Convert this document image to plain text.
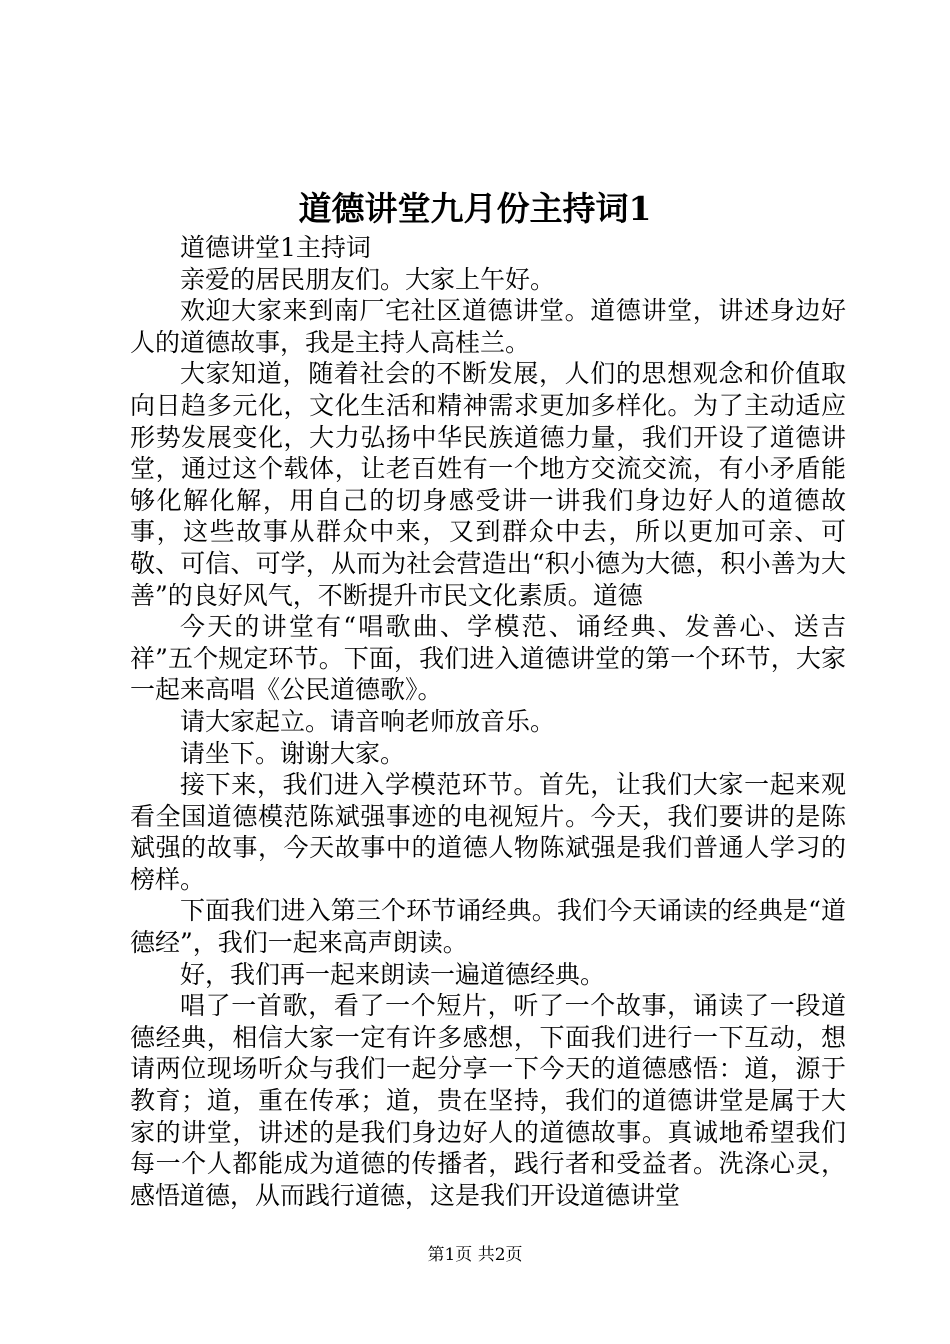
道德讲堂九月份主持词1

道德讲堂1主持词

亲爱的居民朋友们。大家上午好。

欢迎大家来到南厂宅社区道德讲堂。道德讲堂，讲述身边好人的道德故事，我是主持人高桂兰。

大家知道，随着社会的不断发展，人们的思想观念和价值取向日趋多元化，文化生活和精神需求更加多样化。为了主动适应形势发展变化，大力弘扬中华民族道德力量，我们开设了道德讲堂，通过这个载体，让老百姓有一个地方交流交流，有小矛盾能够化解化解，用自己的切身感受讲一讲我们身边好人的道德故事，这些故事从群众中来，又到群众中去，所以更加可亲、可敬、可信、可学，从而为社会营造出“积小德为大德，积小善为大善”的良好风气，不断提升市民文化素质。道德

今天的讲堂有“唱歌曲、学模范、诵经典、发善心、送吉祥”五个规定环节。下面，我们进入道德讲堂的第一个环节，大家一起来高唱《公民道德歌》。

请大家起立。请音响老师放音乐。

请坐下。谢谢大家。

接下来，我们进入学模范环节。首先，让我们大家一起来观看全国道德模范陈斌强事迹的电视短片。今天，我们要讲的是陈斌强的故事，今天故事中的道德人物陈斌强是我们普通人学习的榜样。

下面我们进入第三个环节诵经典。我们今天诵读的经典是“道德经”，我们一起来高声朗读。

好，我们再一起来朗读一遍道德经典。

唱了一首歌，看了一个短片，听了一个故事，诵读了一段道德经典，相信大家一定有许多感想，下面我们进行一下互动，想请两位现场听众与我们一起分享一下今天的道德感悟：道，源于教育；道，重在传承；道，贵在坚持，我们的道德讲堂是属于大家的讲堂，讲述的是我们身边好人的道德故事。真诚地希望我们每一个人都能成为道德的传播者，践行者和受益者。洗涤心灵，感悟道德，从而践行道德，这是我们开设道德讲堂

第1页 共2页
